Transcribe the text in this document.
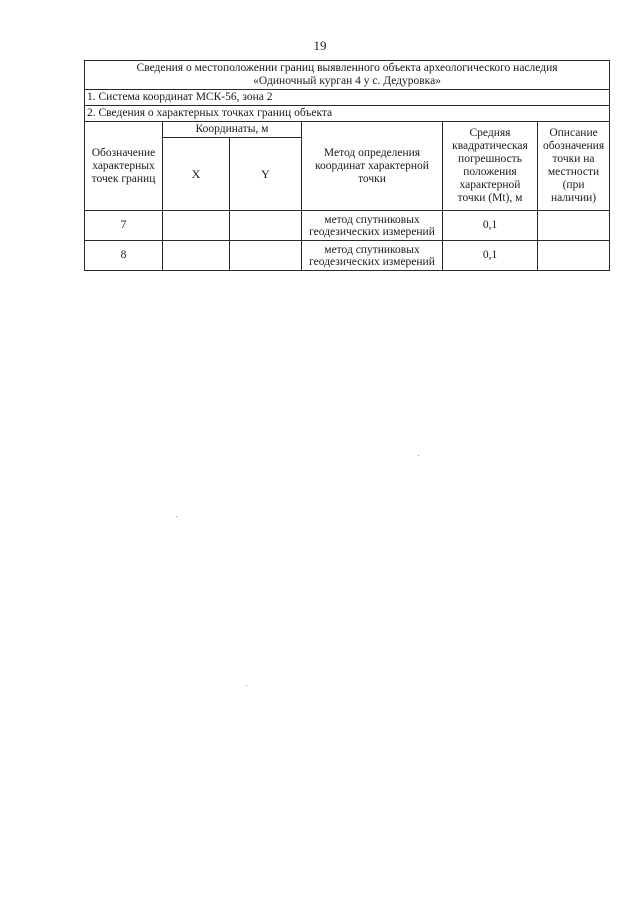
19
Сведения о местоположении границ выявленного объекта археологического наследия
«Одиночный курган 4 у с. Дедуровка»					

1. Система координат МСК-56, зона 2					
2. Сведения о характерных точках границ объекта					
Обозначение характерных точек границ	Координаты, м		Метод определения координат характерной точки	Средняя квадратическая погрешность положения характерной точки (Mt), м	Описание обозначения точки на местности (при наличии)
	X	Y			
7			метод спутниковых геодезических измерений	0,1	
8			метод спутниковых геодезических измерений	0,1	
